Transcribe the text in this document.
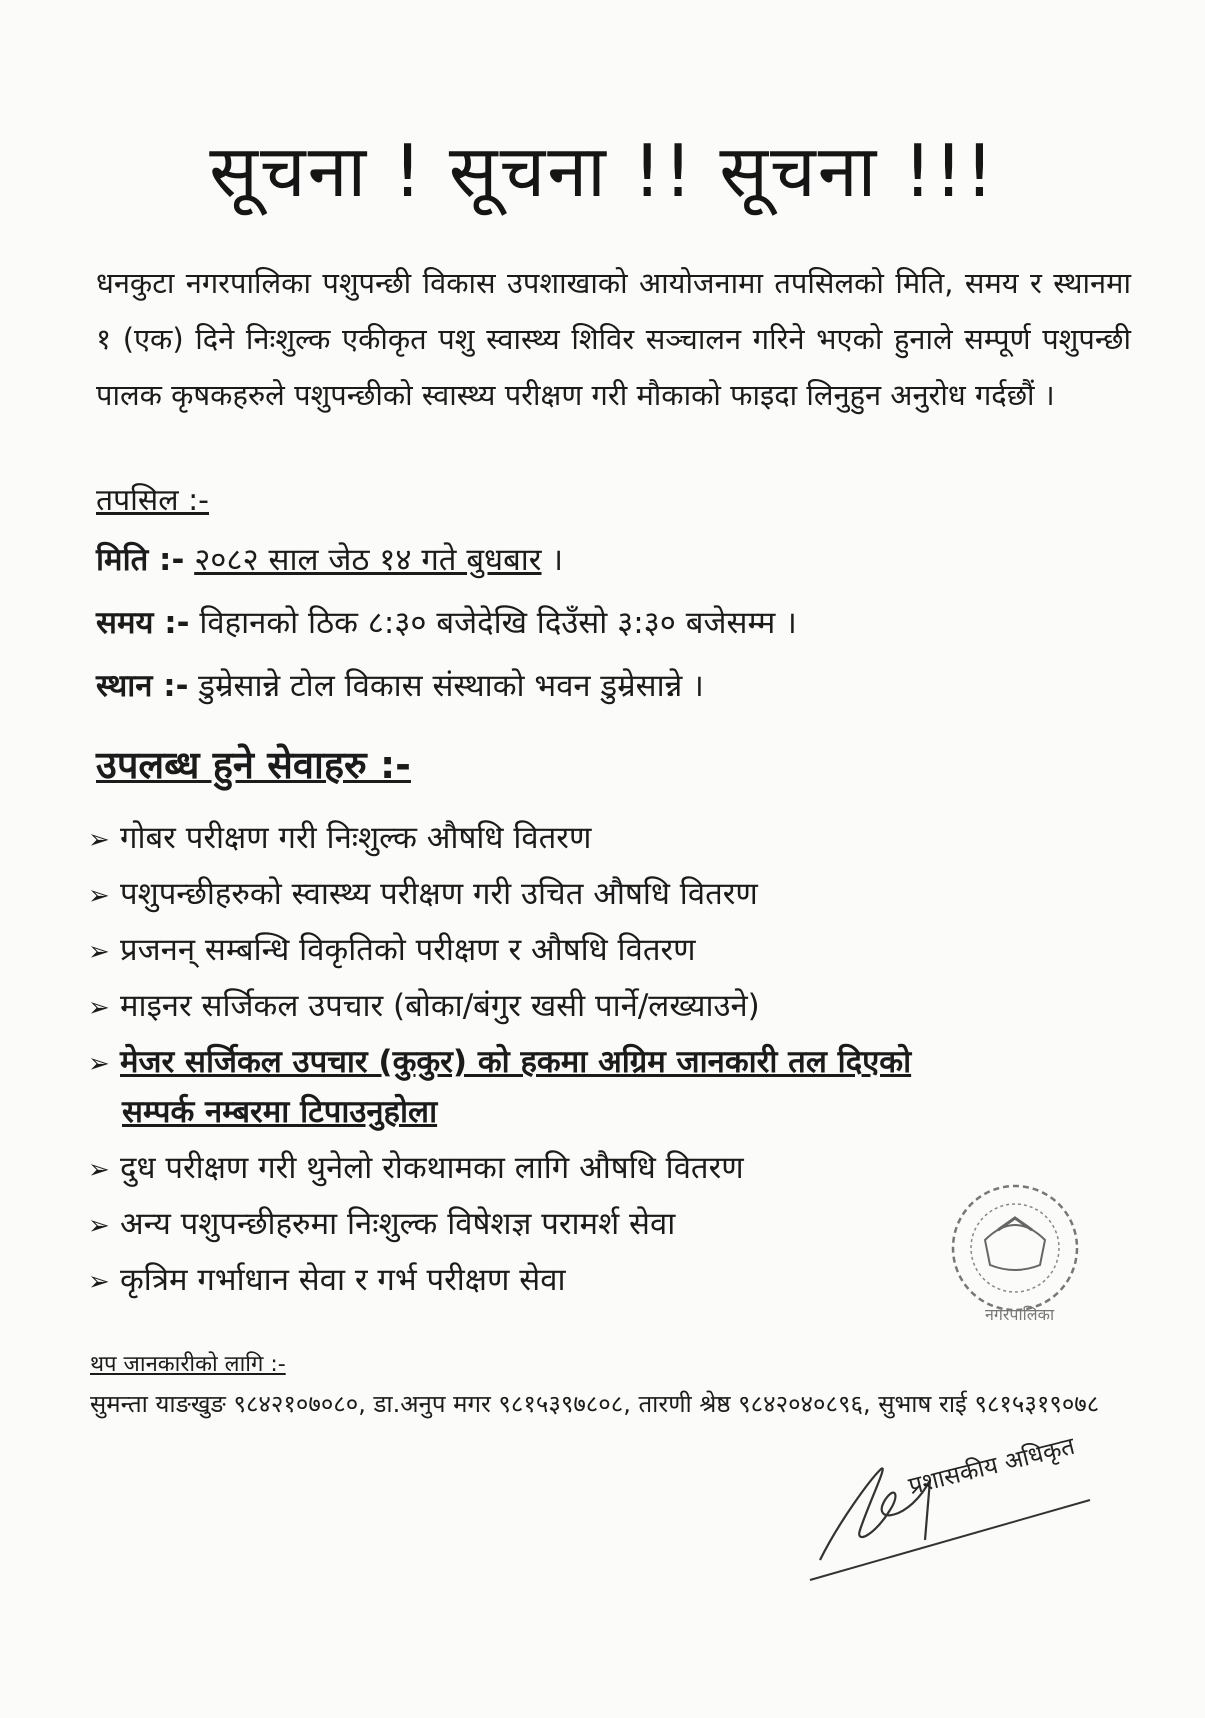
सूचना ! सूचना !! सूचना !!!
धनकुटा नगरपालिका पशुपन्छी विकास उपशाखाको आयोजनामा तपसिलको मिति, समय र स्थानमा १ (एक) दिने निःशुल्क एकीकृत पशु स्वास्थ्य शिविर सञ्चालन गरिने भएको हुनाले सम्पूर्ण पशुपन्छी पालक कृषकहरुले पशुपन्छीको स्वास्थ्य परीक्षण गरी मौकाको फाइदा लिनुहुन अनुरोध गर्दछौं ।
तपसिल :-
मिति :- २०८२ साल जेठ १४ गते बुधबार ।
समय :- विहानको ठिक ८:३० बजेदेखि दिउँसो ३:३० बजेसम्म ।
स्थान :- डुम्रेसान्ने टोल विकास संस्थाको भवन डुम्रेसान्ने ।
उपलब्ध हुने सेवाहरु :-
➢ गोबर परीक्षण गरी निःशुल्क औषधि वितरण
➢ पशुपन्छीहरुको स्वास्थ्य परीक्षण गरी उचित औषधि वितरण
➢ प्रजनन् सम्बन्धि विकृतिको परीक्षण र औषधि वितरण
➢ माइनर सर्जिकल उपचार (बोका/बंगुर खसी पार्ने/लख्याउने)
➢ मेजर सर्जिकल उपचार (कुकुर) को हकमा अग्रिम जानकारी तल दिएको
सम्पर्क नम्बरमा टिपाउनुहोला
➢ दुध परीक्षण गरी थुनेलो रोकथामका लागि औषधि वितरण
➢ अन्य पशुपन्छीहरुमा निःशुल्क विषेशज्ञ परामर्श सेवा
➢ कृत्रिम गर्भाधान सेवा र गर्भ परीक्षण सेवा
थप जानकारीको लागि :-
सुमन्ता याङखुङ ९८४२१०७०८०, डा.अनुप मगर ९८१५३९७८०८, तारणी श्रेष्ठ ९८४२०४०८९६, सुभाष राई ९८१५३१९०७८
नगरपालिका
प्रशासकीय अधिकृत
